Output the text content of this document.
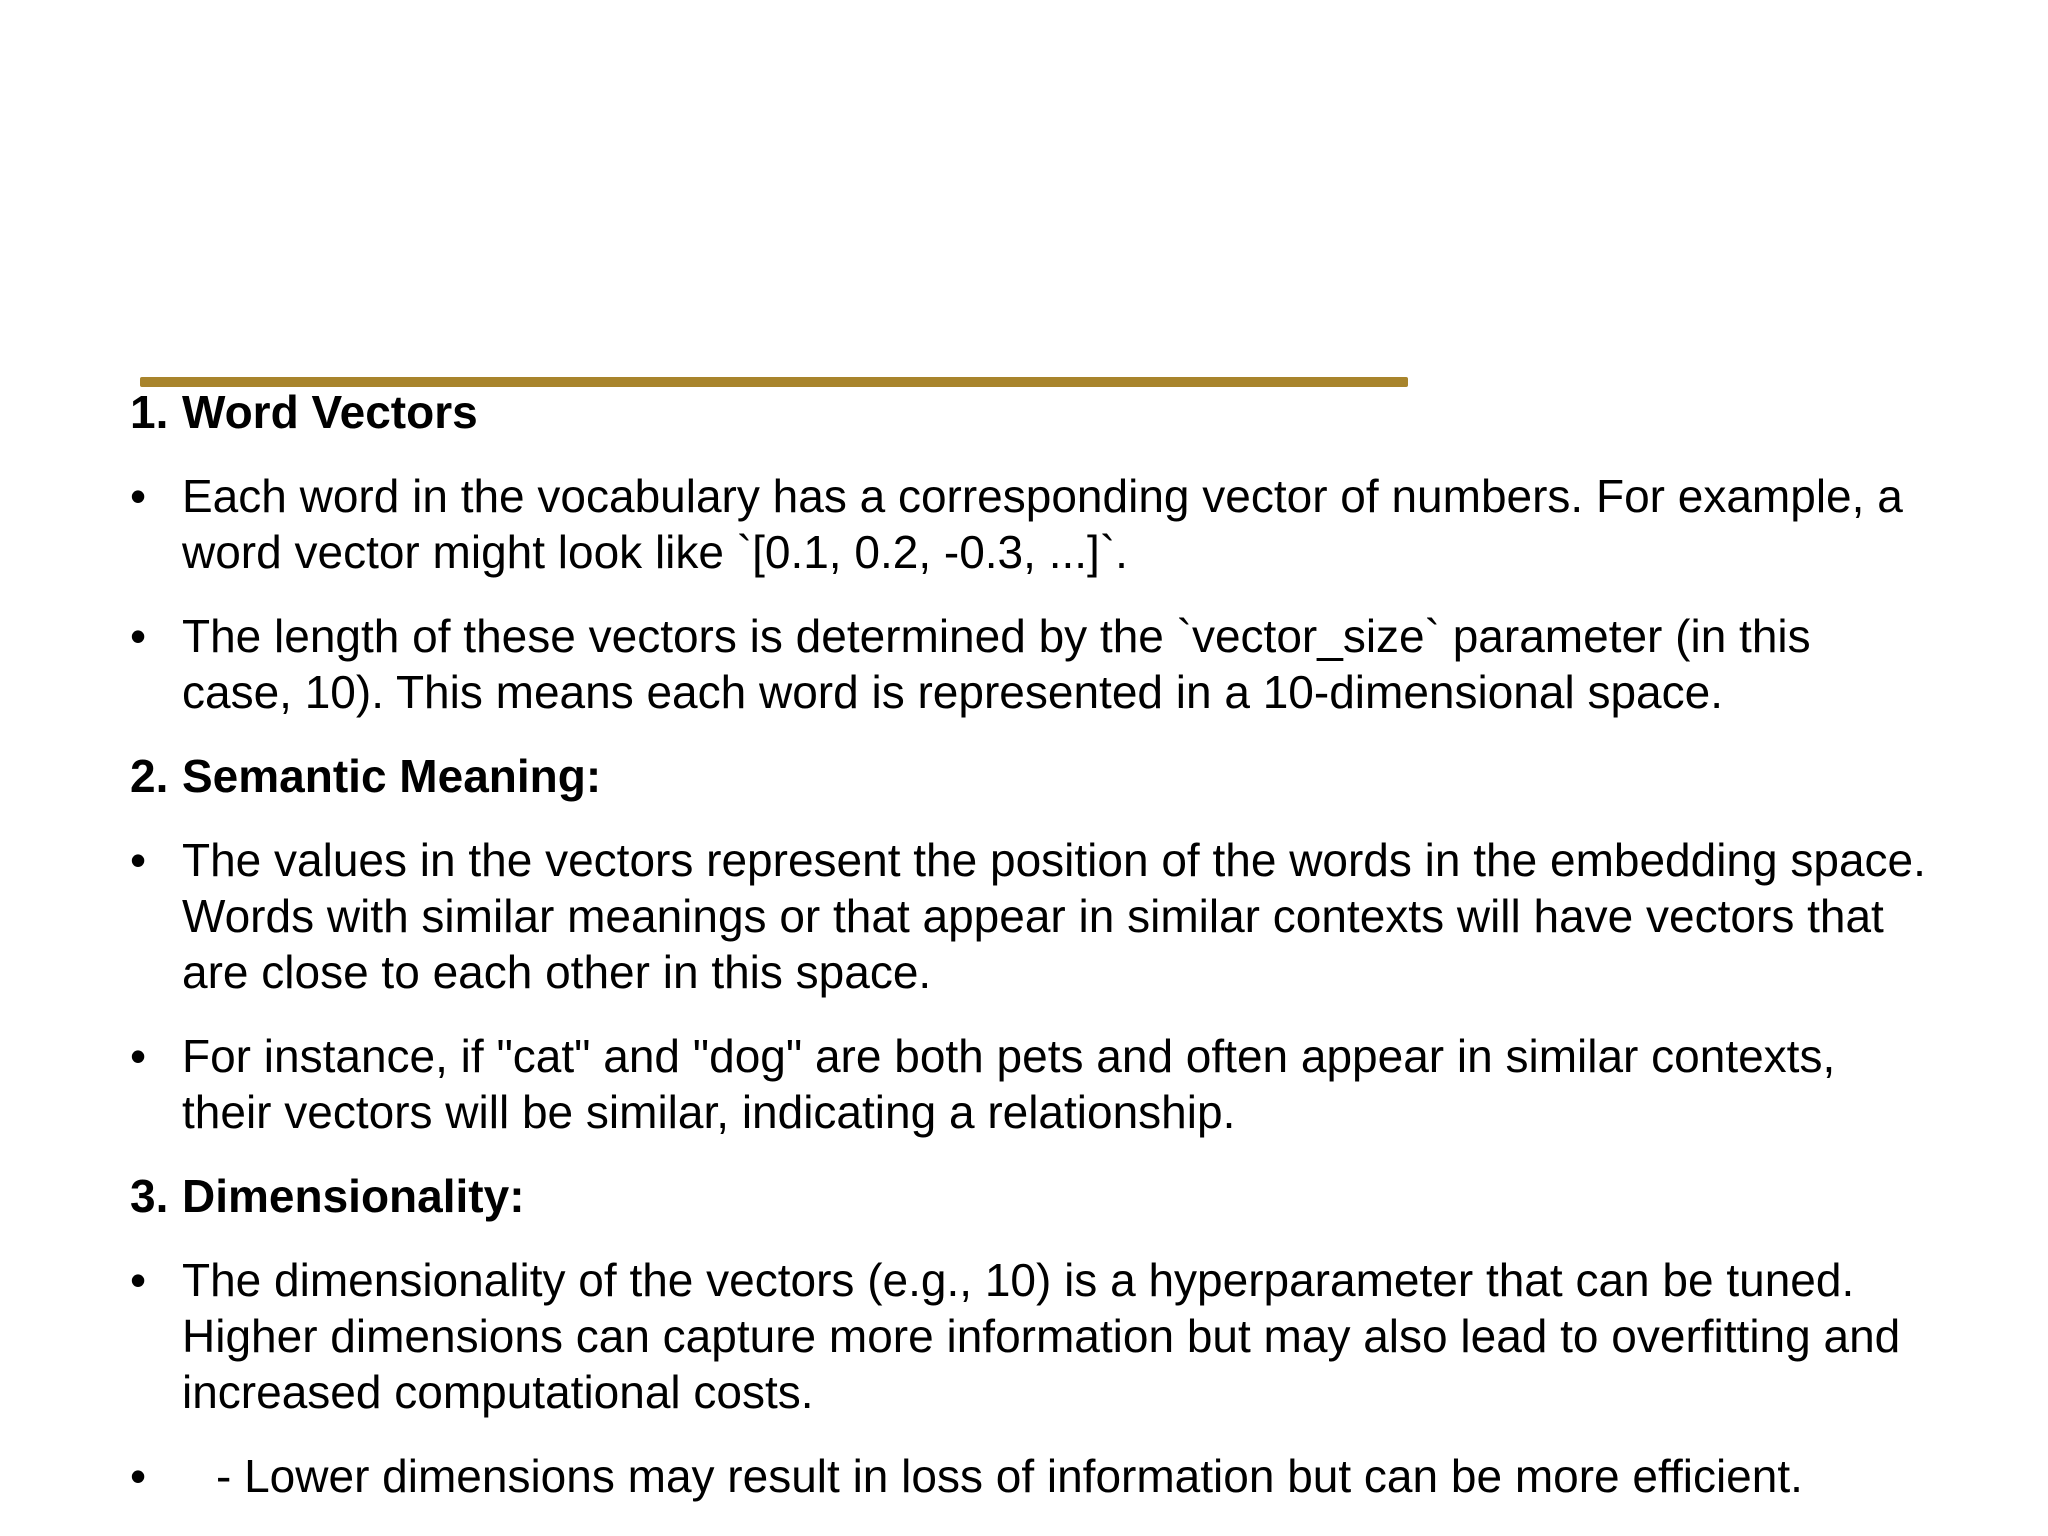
1. Word Vectors
• Each word in the vocabulary has a corresponding vector of numbers. For example, a word vector might look like `[0.1, 0.2, -0.3, ...]`.
• The length of these vectors is determined by the `vector_size` parameter (in this case, 10). This means each word is represented in a 10-dimensional space.
2. Semantic Meaning:
• The values in the vectors represent the position of the words in the embedding space. Words with similar meanings or that appear in similar contexts will have vectors that are close to each other in this space.
• For instance, if "cat" and "dog" are both pets and often appear in similar contexts, their vectors will be similar, indicating a relationship.
3. Dimensionality:
• The dimensionality of the vectors (e.g., 10) is a hyperparameter that can be tuned. Higher dimensions can capture more information but may also lead to overfitting and increased computational costs.
•	- Lower dimensions may result in loss of information but can be more efficient.
